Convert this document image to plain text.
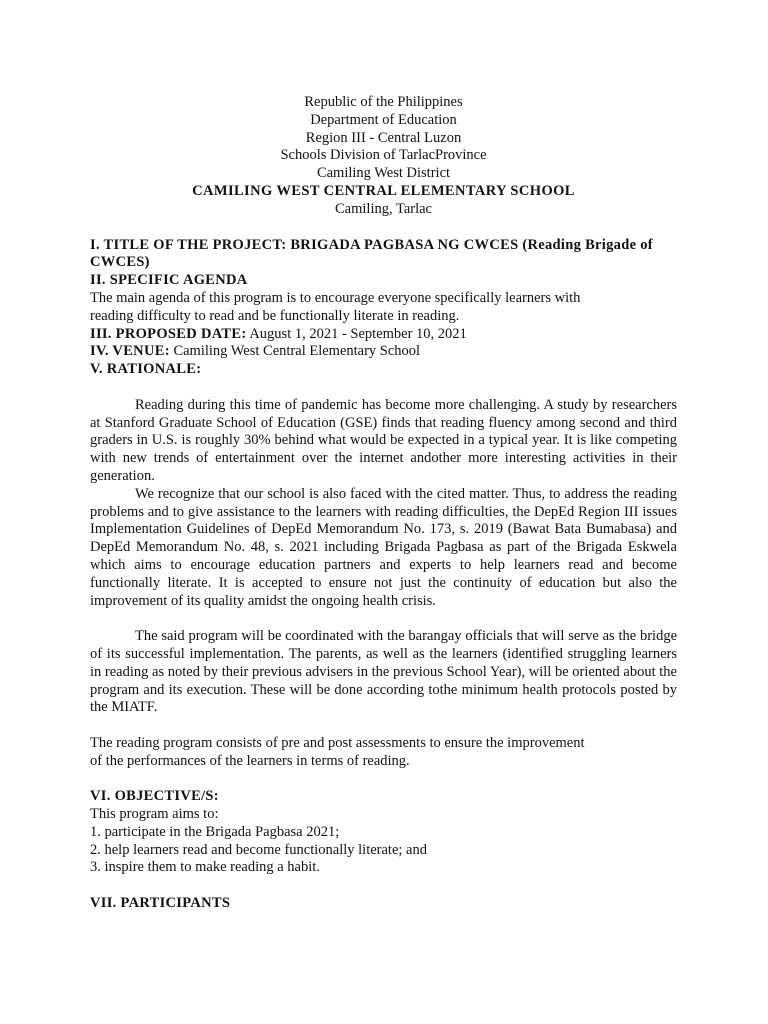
Republic of the Philippines
Department of Education
Region III - Central Luzon
Schools Division of TarlacProvince
Camiling West District
CAMILING WEST CENTRAL ELEMENTARY SCHOOL
Camiling, Tarlac
I. TITLE OF THE PROJECT: BRIGADA PAGBASA NG CWCES (Reading Brigade of CWCES)
II. SPECIFIC AGENDA
The main agenda of this program is to encourage everyone specifically learners with
reading difficulty to read and be functionally literate in reading.
III. PROPOSED DATE: August 1, 2021 - September 10, 2021
IV. VENUE: Camiling West Central Elementary School
V. RATIONALE:

Reading during this time of pandemic has become more challenging. A study by researchers at Stanford Graduate School of Education (GSE) finds that reading fluency among second and third graders in U.S. is roughly 30% behind what would be expected in a typical year. It is like competing with new trends of entertainment over the internet andother more interesting activities in their generation.

We recognize that our school is also faced with the cited matter. Thus, to address the reading problems and to give assistance to the learners with reading difficulties, the DepEd Region III issues Implementation Guidelines of DepEd Memorandum No. 173, s. 2019 (Bawat Bata Bumabasa) and DepEd Memorandum No. 48, s. 2021 including Brigada Pagbasa as part of the Brigada Eskwela which aims to encourage education partners and experts to help learners read and become functionally literate. It is accepted to ensure not just the continuity of education but also the improvement of its quality amidst the ongoing health crisis.

The said program will be coordinated with the barangay officials that will serve as the bridge of its successful implementation. The parents, as well as the learners (identified struggling learners in reading as noted by their previous advisers in the previous School Year), will be oriented about the program and its execution. These will be done according tothe minimum health protocols posted by the MIATF.

The reading program consists of pre and post assessments to ensure the improvement
of the performances of the learners in terms of reading.
VI. OBJECTIVE/S:
This program aims to:
1. participate in the Brigada Pagbasa 2021;
2. help learners read and become functionally literate; and
3. inspire them to make reading a habit.
VII. PARTICIPANTS
